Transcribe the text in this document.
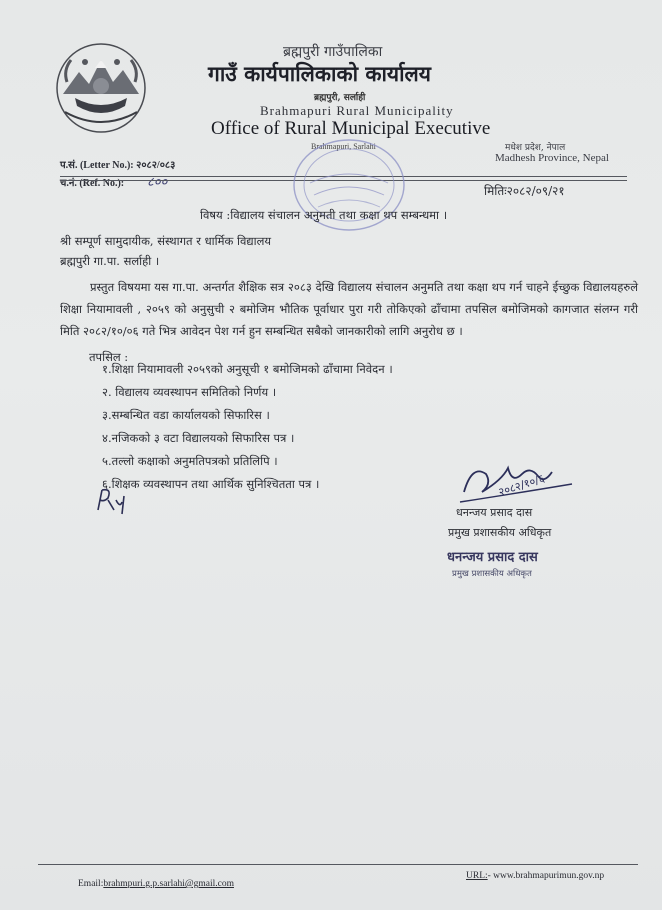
ब्रह्मपुरी गाउँपालिका
गाउँ कार्यपालिकाको कार्यालय
ब्रह्मपुरी, सर्लाही
Brahmapuri Rural Municipality
Office of Rural Municipal Executive
Brahmapuri, Sarlahi	मधेश प्रदेश, नेपाल
Madhesh Province, Nepal
प.सं. (Letter No.): २०८२/०८३
च.नं. (Ref. No.): ८००
मितिः२०८२/०९/२१
विषय :विद्यालय संचालन अनुमती तथा कक्षा थप सम्बन्धमा ।
श्री सम्पूर्ण सामुदायीक, संस्थागत र धार्मिक विद्यालय
ब्रह्मपुरी गा.पा. सर्लाही ।
प्रस्तुत विषयमा यस गा.पा. अन्तर्गत शैक्षिक सत्र २०८३ देखि विद्यालय संचालन अनुमति तथा कक्षा थप गर्न चाहने ईच्छुक विद्यालयहरुले शिक्षा नियामावली , २०५९ को अनुसुची २ बमोजिम भौतिक पूर्वाधार पुरा गरी तोकिएको ढाँचामा तपसिल बमोजिमको कागजात संलग्न गरी मिति २०८२/१०/०६ गते भित्र आवेदन पेश गर्न हुन सम्बन्धित सबैको जानकारीको लागि अनुरोध छ ।
तपसिल :
१.शिक्षा नियामावली २०५९को अनुसूची १ बमोजिमको ढाँचामा निवेदन ।
२. विद्यालय व्यवस्थापन समितिको निर्णय ।
३.सम्बन्धित वडा कार्यालयको सिफारिस ।
४.नजिकको ३ वटा विद्यालयको सिफारिस पत्र ।
५.तल्लो कक्षाको अनुमतिपत्रको प्रतिलिपि ।
६.शिक्षक व्यवस्थापन तथा आर्थिक सुनिश्चितता पत्र ।	२०८२/१०/६
धनन्जय प्रसाद दास
प्रमुख प्रशासकीय अधिकृत
धनन्जय प्रसाद दास
प्रमुख प्रशासकीय अधिकृत
Email:brahmpuri.g.p.sarlahi@gmail.com
URL:- www.brahmapurimun.gov.np
